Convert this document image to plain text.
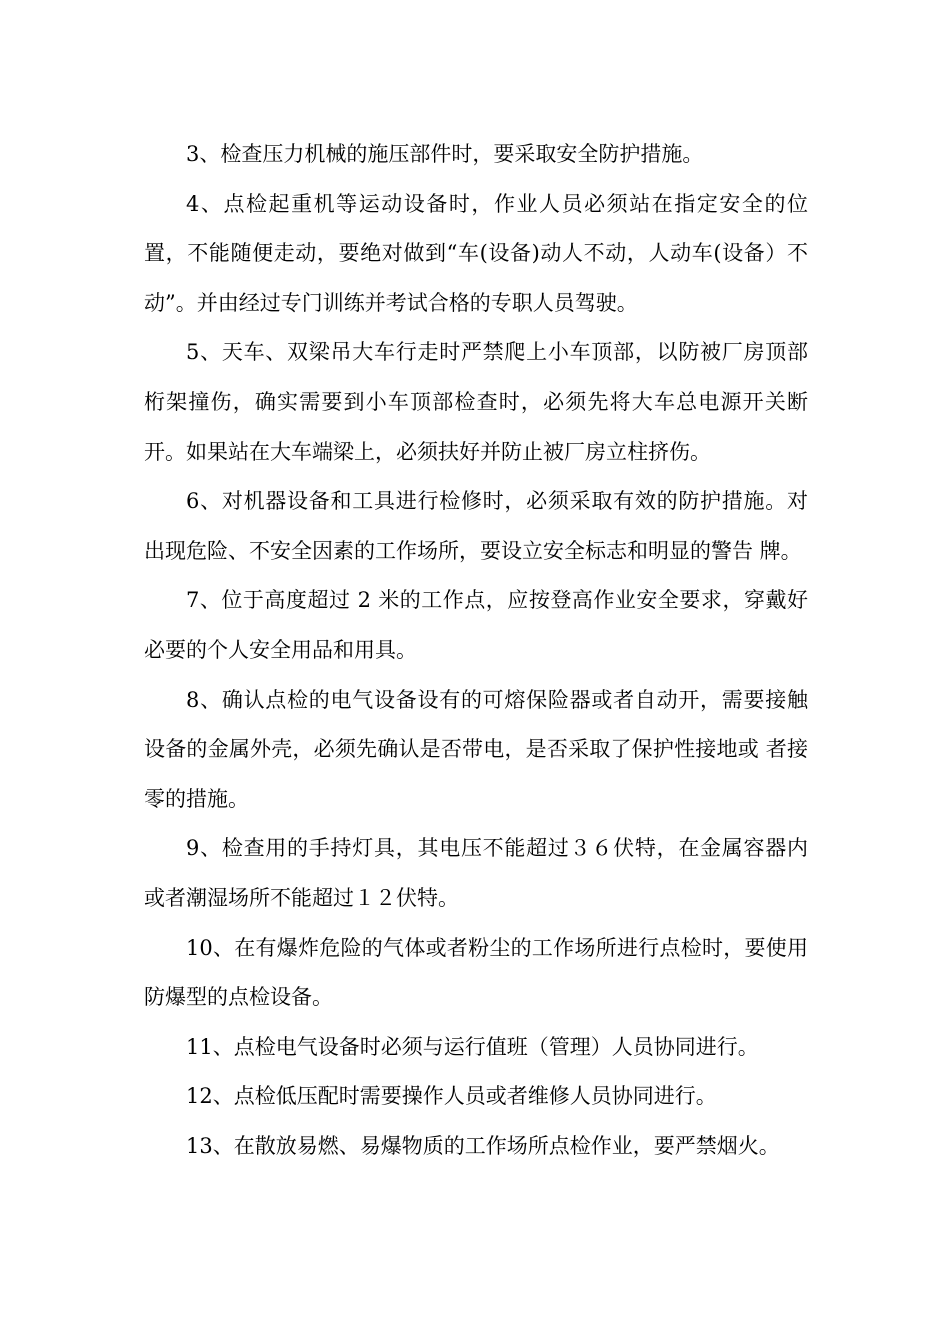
3、检查压力机械的施压部件时，要采取安全防护措施。

4、点检起重机等运动设备时，作业人员必须站在指定安全的位置，不能随便走动，要绝对做到“车(设备)动人不动，人动车(设备）不动”。并由经过专门训练并考试合格的专职人员驾驶。

5、天车、双梁吊大车行走时严禁爬上小车顶部，以防被厂房顶部桁架撞伤，确实需要到小车顶部检查时，必须先将大车总电源开关断开。如果站在大车端梁上，必须扶好并防止被厂房立柱挤伤。

6、对机器设备和工具进行检修时，必须采取有效的防护措施。对出现危险、不安全因素的工作场所，要设立安全标志和明显的警告 牌。

7、位于高度超过 2 米的工作点，应按登高作业安全要求，穿戴好必要的个人安全用品和用具。

8、确认点检的电气设备设有的可熔保险器或者自动开，需要接触设备的金属外壳，必须先确认是否带电，是否采取了保护性接地或 者接零的措施。

9、检查用的手持灯具，其电压不能超过３６伏特，在金属容器内或者潮湿场所不能超过１２伏特。

10、在有爆炸危险的气体或者粉尘的工作场所进行点检时，要使用防爆型的点检设备。

11、点检电气设备时必须与运行值班（管理）人员协同进行。

12、点检低压配时需要操作人员或者维修人员协同进行。

13、在散放易燃、易爆物质的工作场所点检作业，要严禁烟火。
